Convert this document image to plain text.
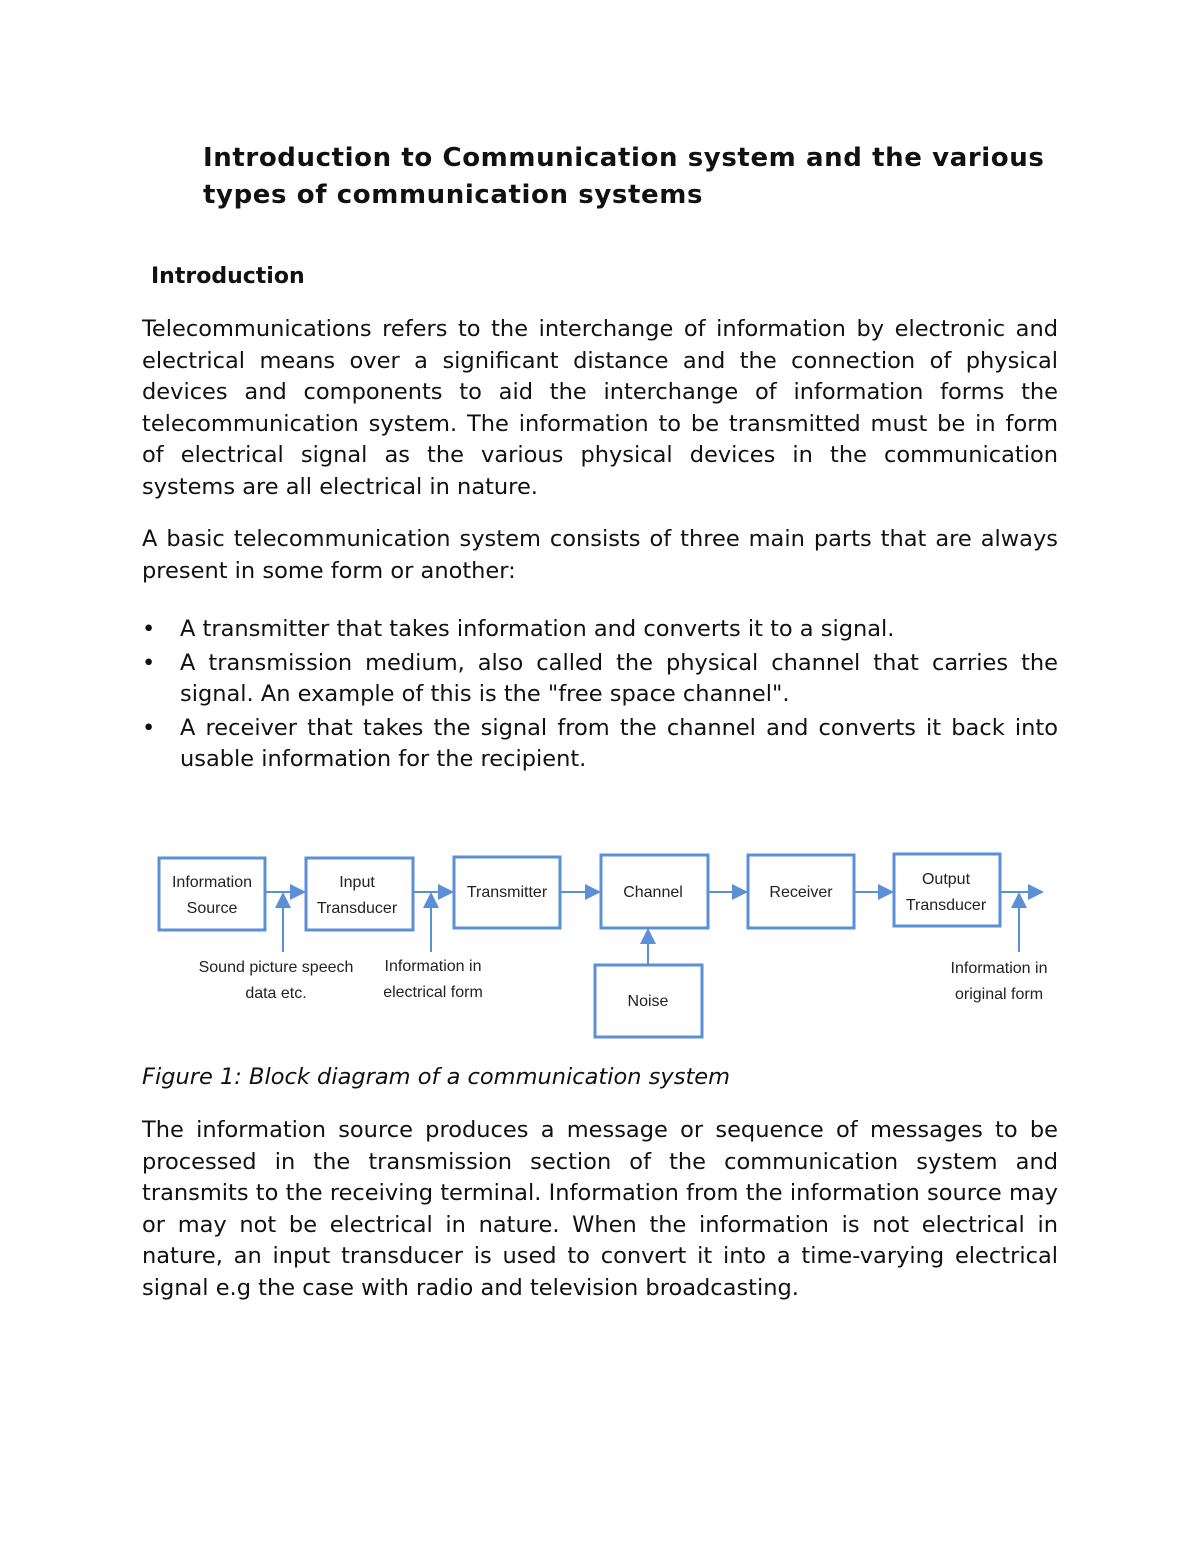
Introduction to Communication system and the various types of communication systems
Introduction

Telecommunications refers to the interchange of information by electronic and electrical means over a significant distance and the connection of physical devices and components to aid the interchange of information forms the telecommunication system. The information to be transmitted must be in form of electrical signal as the various physical devices in the communication systems are all electrical in nature.

A basic telecommunication system consists of three main parts that are always present in some form or another:

• A transmitter that takes information and converts it to a signal.
• A transmission medium, also called the physical channel that carries the signal. An example of this is the "free space channel".
• A receiver that takes the signal from the channel and converts it back into usable information for the recipient.
Information
Source
Input
Transducer
Transmitter	Channel	Receiver
Output
Transducer
Noise
Sound picture speech
data etc.
Information in
electrical form
Information in
original form

Figure 1: Block diagram of a communication system

The information source produces a message or sequence of messages to be processed in the transmission section of the communication system and transmits to the receiving terminal. Information from the information source may or may not be electrical in nature. When the information is not electrical in nature, an input transducer is used to convert it into a time-varying electrical signal e.g the case with radio and television broadcasting.
